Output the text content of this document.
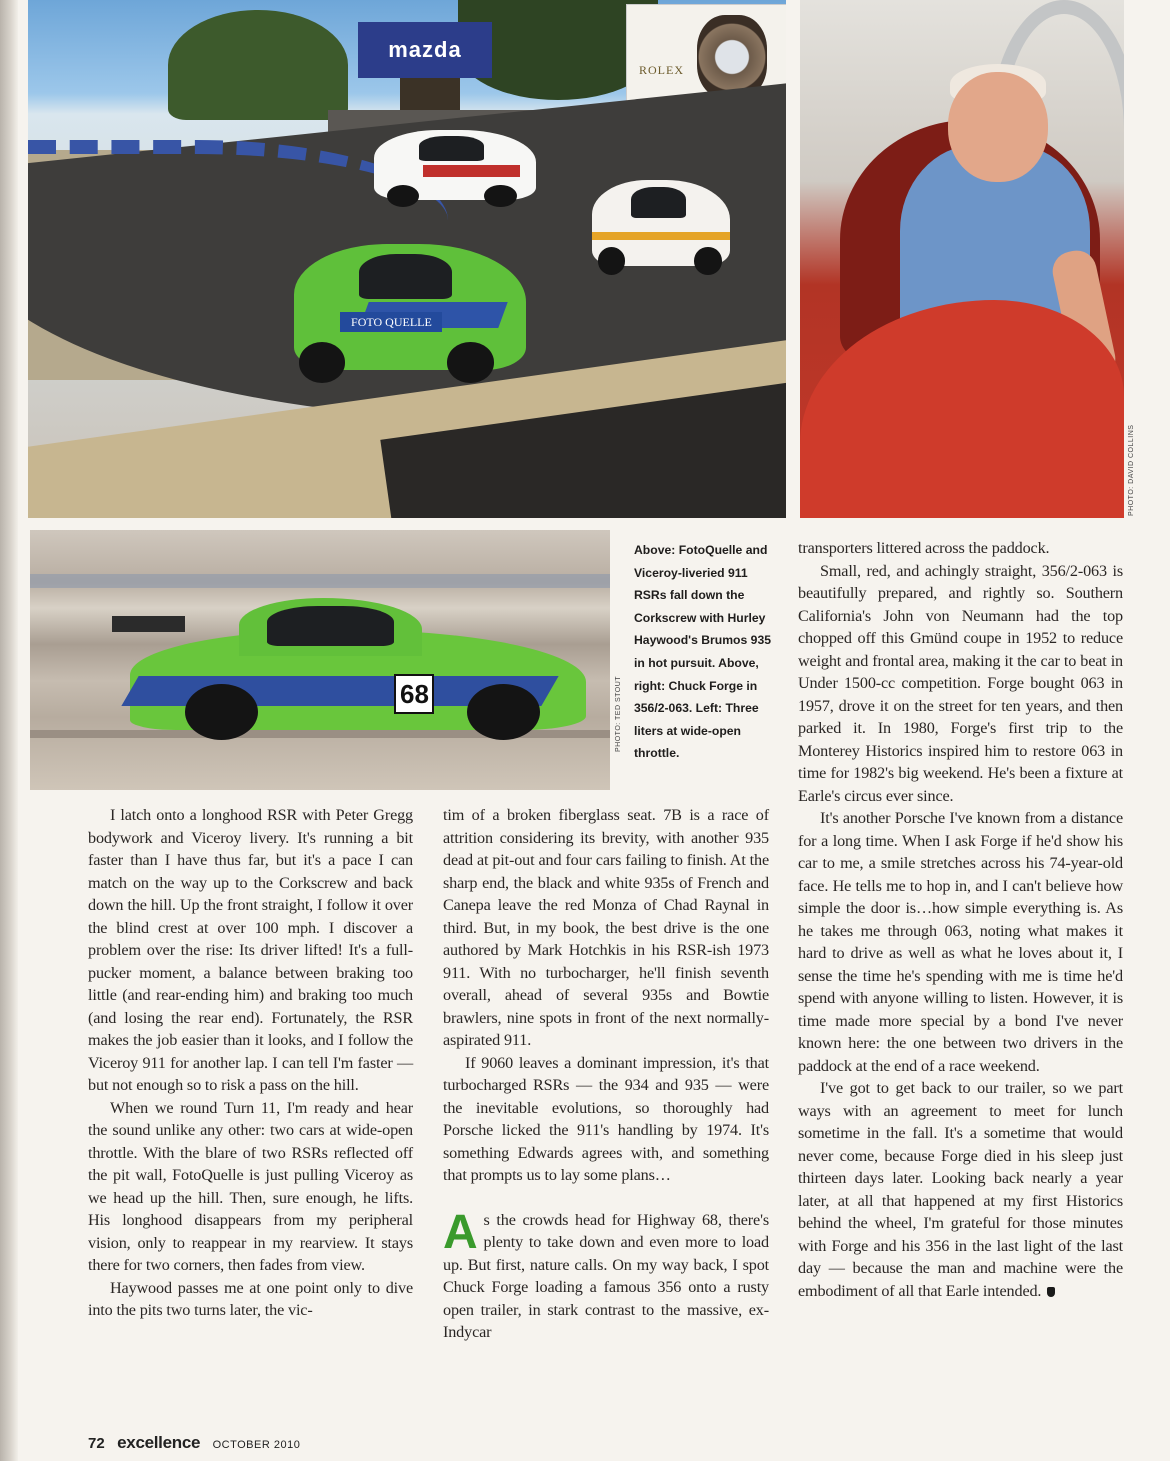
mazda
ROLEX
FOTO QUELLE
PHOTO: DAVID COLLINS
68	PHOTO: TED STOUT
Above: FotoQuelle and Viceroy-liveried 911 RSRs fall down the Corkscrew with Hurley Haywood's Brumos 935 in hot pursuit. Above, right: Chuck Forge in 356/2-063. Left: Three liters at wide-open throttle.

I latch onto a longhood RSR with Peter Gregg bodywork and Viceroy livery. It's running a bit faster than I have thus far, but it's a pace I can match on the way up to the Corkscrew and back down the hill. Up the front straight, I follow it over the blind crest at over 100 mph. I discover a problem over the rise: Its driver lifted! It's a full-pucker moment, a balance between braking too little (and rear-ending him) and braking too much (and losing the rear end). Fortunately, the RSR makes the job easier than it looks, and I follow the Viceroy 911 for another lap. I can tell I'm faster — but not enough so to risk a pass on the hill.

When we round Turn 11, I'm ready and hear the sound unlike any other: two cars at wide-open throttle. With the blare of two RSRs reflected off the pit wall, FotoQuelle is just pulling Viceroy as we head up the hill. Then, sure enough, he lifts. His longhood disappears from my peripheral vision, only to reappear in my rearview. It stays there for two corners, then fades from view.

Haywood passes me at one point only to dive into the pits two turns later, the vic-

tim of a broken fiberglass seat. 7B is a race of attrition considering its brevity, with another 935 dead at pit-out and four cars failing to finish. At the sharp end, the black and white 935s of French and Canepa leave the red Monza of Chad Raynal in third. But, in my book, the best drive is the one authored by Mark Hotchkis in his RSR-ish 1973 911. With no turbocharger, he'll finish seventh overall, ahead of several 935s and Bowtie brawlers, nine spots in front of the next normally-aspirated 911.

If 9060 leaves a dominant impression, it's that turbocharged RSRs — the 934 and 935 — were the inevitable evolutions, so thoroughly had Porsche licked the 911's handling by 1974. It's something Edwards agrees with, and something that prompts us to lay some plans…

As the crowds head for Highway 68, there's plenty to take down and even more to load up. But first, nature calls. On my way back, I spot Chuck Forge loading a famous 356 onto a rusty open trailer, in stark contrast to the massive, ex-Indycar

transporters littered across the paddock.

Small, red, and achingly straight, 356/2-063 is beautifully prepared, and rightly so. Southern California's John von Neumann had the top chopped off this Gmünd coupe in 1952 to reduce weight and frontal area, making it the car to beat in Under 1500-cc competition. Forge bought 063 in 1957, drove it on the street for ten years, and then parked it. In 1980, Forge's first trip to the Monterey Historics inspired him to restore 063 in time for 1982's big weekend. He's been a fixture at Earle's circus ever since.

It's another Porsche I've known from a distance for a long time. When I ask Forge if he'd show his car to me, a smile stretches across his 74-year-old face. He tells me to hop in, and I can't believe how simple the door is…how simple everything is. As he takes me through 063, noting what makes it hard to drive as well as what he loves about it, I sense the time he's spending with me is time he'd spend with anyone willing to listen. However, it is time made more special by a bond I've never known here: the one between two drivers in the paddock at the end of a race weekend.

I've got to get back to our trailer, so we part ways with an agreement to meet for lunch sometime in the fall. It's a sometime that would never come, because Forge died in his sleep just thirteen days later. Looking back nearly a year later, at all that happened at my first Historics behind the wheel, I'm grateful for those minutes with Forge and his 356 in the last light of the last day — because the man and machine were the embodiment of all that Earle intended.

72 excellence OCTOBER 2010
